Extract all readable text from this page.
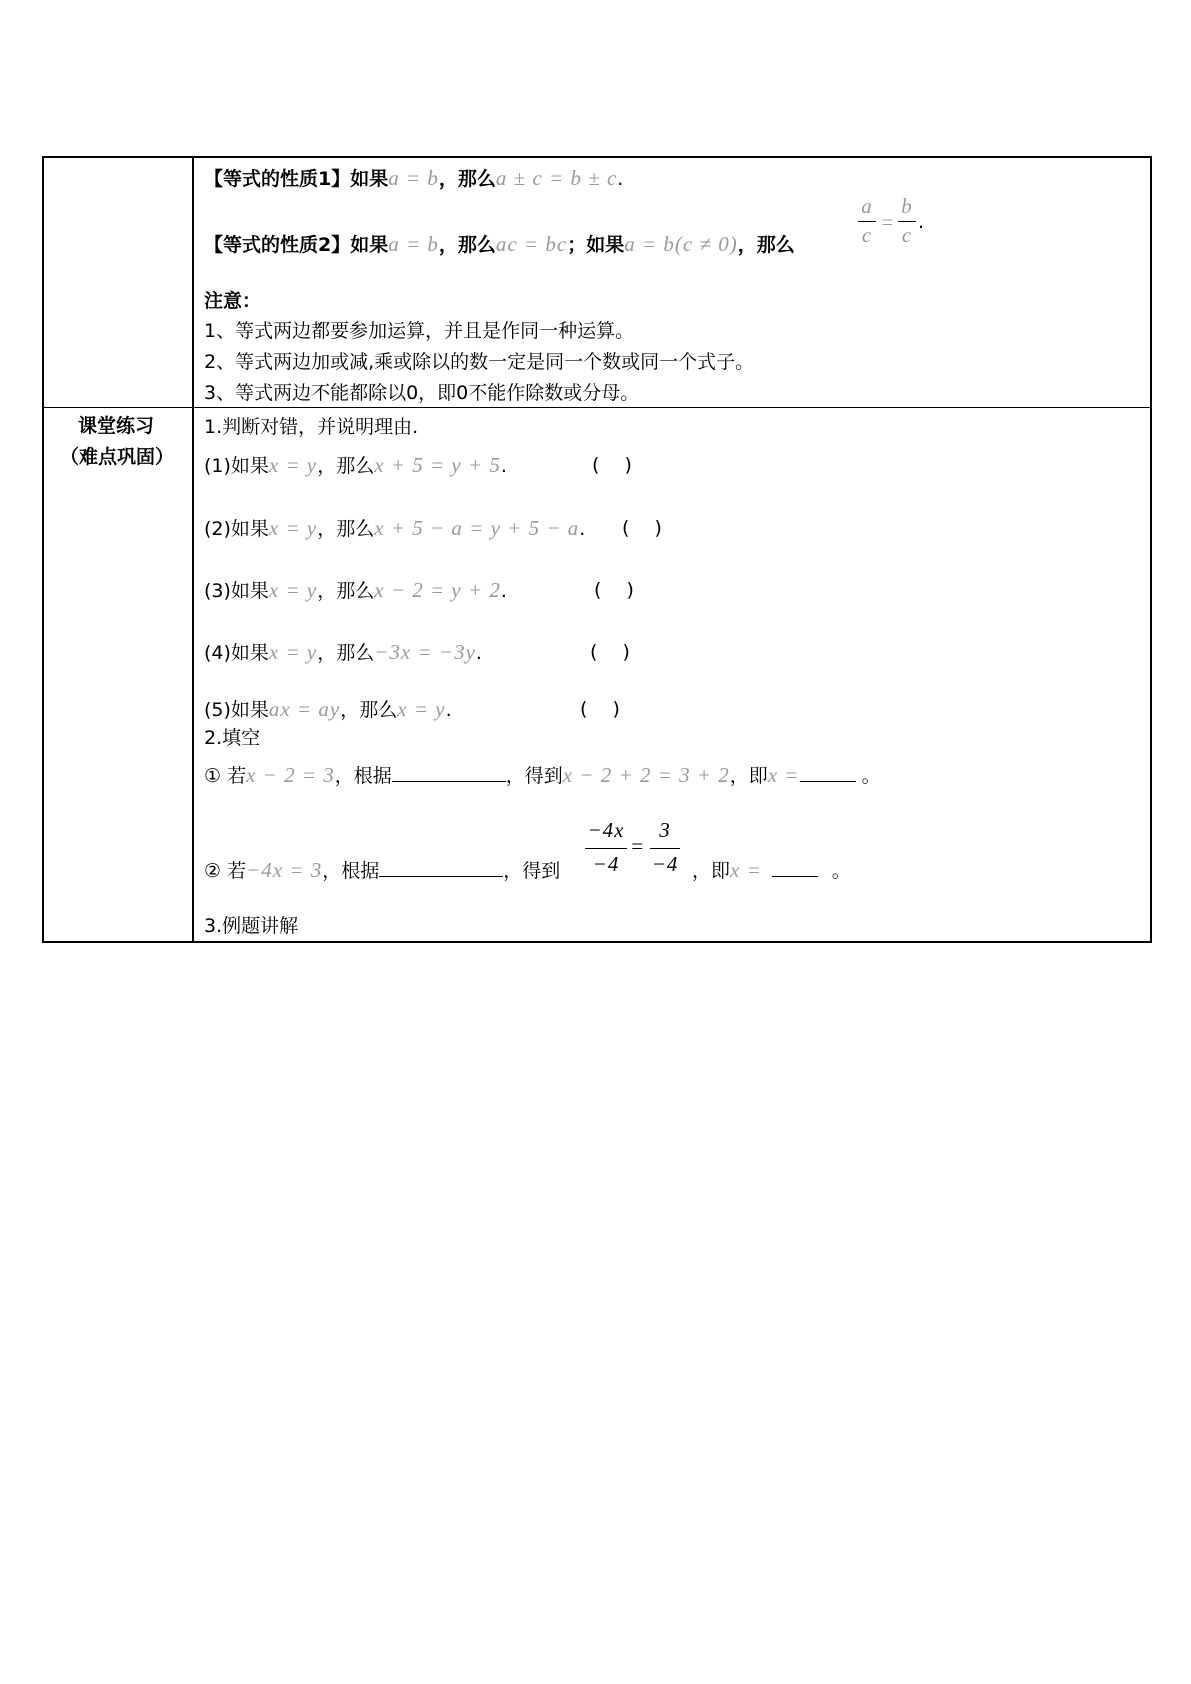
【等式的性质1】如果a = b，那么a ± c = b ± c.
【等式的性质2】如果a = b，那么ac = bc；如果a = b(c ≠ 0)，那么
a
c
=
b
c
.
注意：
1、等式两边都要参加运算，并且是作同一种运算。
2、等式两边加或减,乘或除以的数一定是同一个数或同一个式子。
3、等式两边不能都除以0，即0不能作除数或分母。
课堂练习
（难点巩固）
1.判断对错，并说明理由.
(1)如果x = y，那么x + 5 = y + 5.	(　 )
(2)如果x = y，那么x + 5 − a = y + 5 − a. (　 )
(3)如果x = y，那么x − 2 = y + 2.	(　 )
(4)如果x = y，那么−3x = −3y.	(　 )
(5)如果ax = ay，那么x = y.	(　 )
2.填空
① 若x − 2 = 3，根据	，得到x − 2 + 2 = 3 + 2，即x =	。
② 若−4x = 3，根据	，得到
−4x
−4
=
3
−4 ，即x =	。
3.例题讲解
